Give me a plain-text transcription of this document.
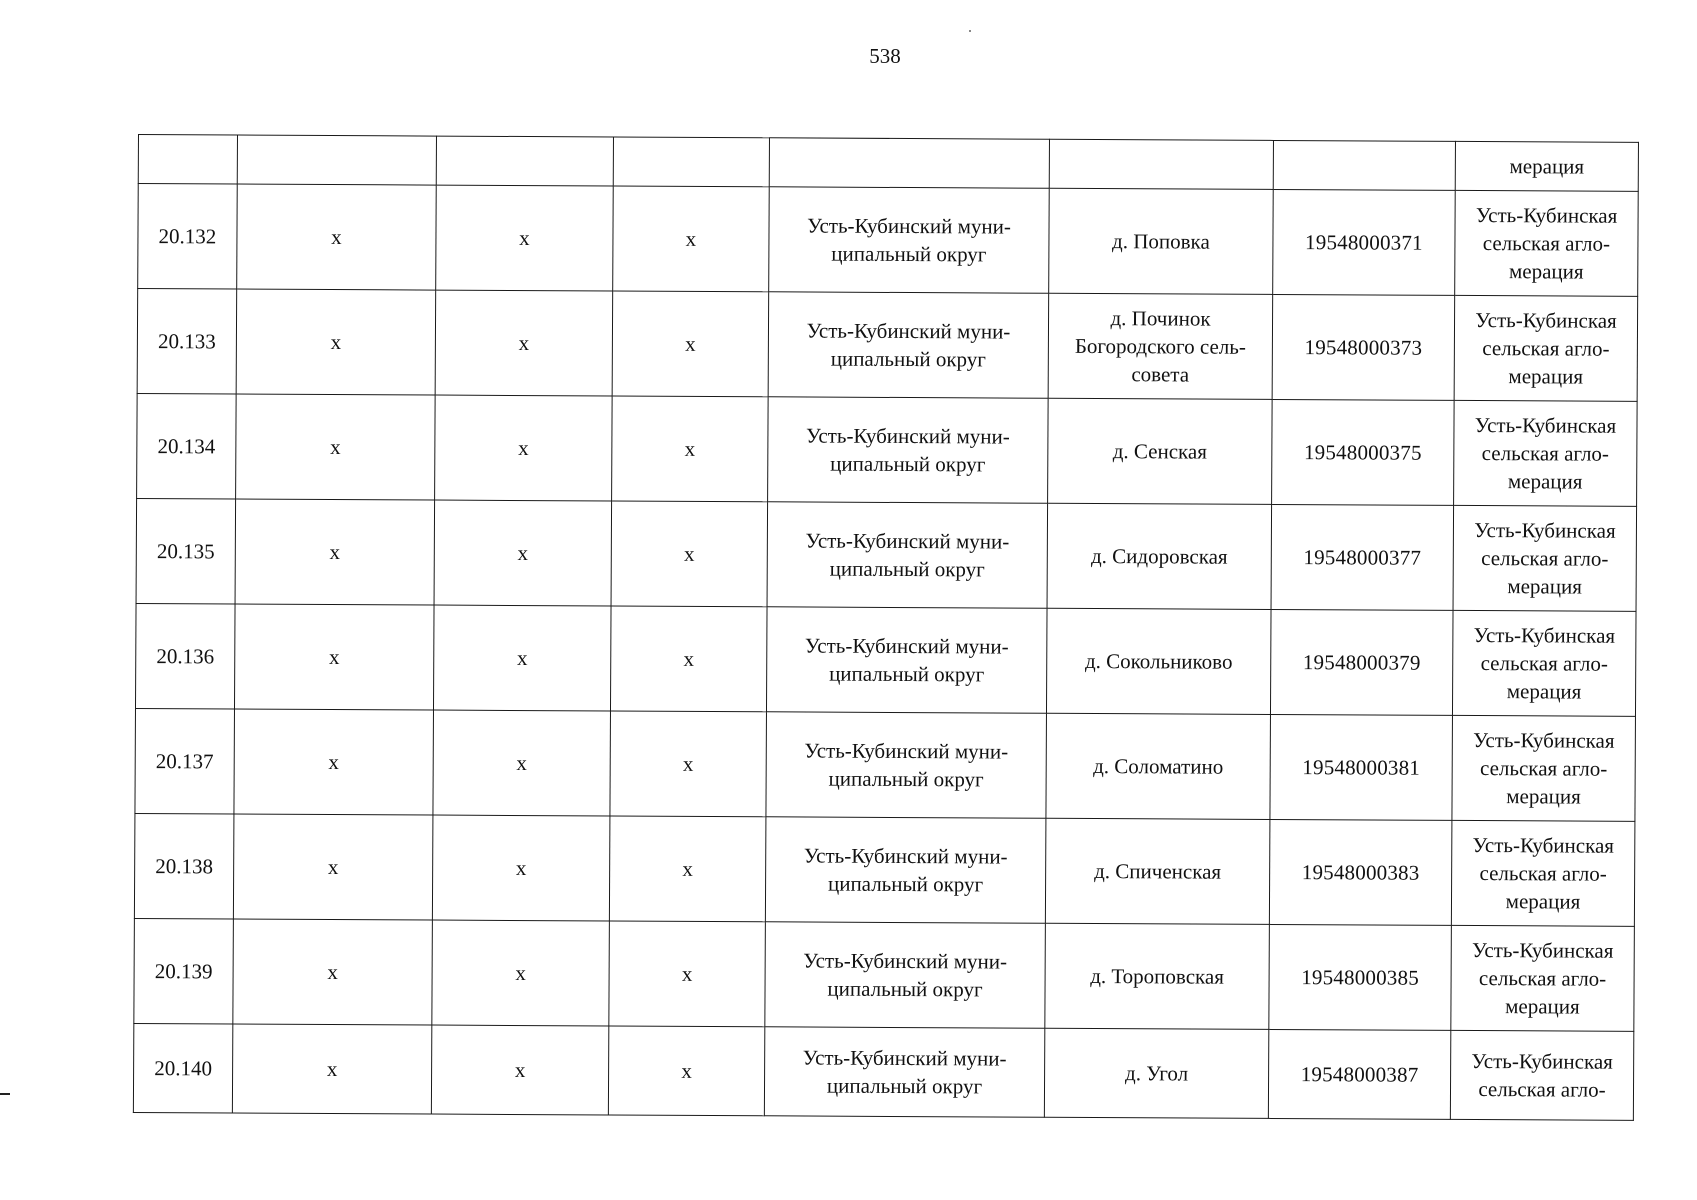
538
							мерация
20.132	x	x	x	Усть-Кубинский муни-
ципальный округ	д. Поповка	19548000371	Усть-Кубинская
сельская агло-
мерация
20.133	x	x	x	Усть-Кубинский муни-
ципальный округ	д. Починок
Богородского сель-
совета	19548000373	Усть-Кубинская
сельская агло-
мерация
20.134	x	x	x	Усть-Кубинский муни-
ципальный округ	д. Сенская	19548000375	Усть-Кубинская
сельская агло-
мерация
20.135	x	x	x	Усть-Кубинский муни-
ципальный округ	д. Сидоровская	19548000377	Усть-Кубинская
сельская агло-
мерация
20.136	x	x	x	Усть-Кубинский муни-
ципальный округ	д. Сокольниково	19548000379	Усть-Кубинская
сельская агло-
мерация
20.137	x	x	x	Усть-Кубинский муни-
ципальный округ	д. Соломатино	19548000381	Усть-Кубинская
сельская агло-
мерация
20.138	x	x	x	Усть-Кубинский муни-
ципальный округ	д. Спиченская	19548000383	Усть-Кубинская
сельская агло-
мерация
20.139	x	x	x	Усть-Кубинский муни-
ципальный округ	д. Тороповская	19548000385	Усть-Кубинская
сельская агло-
мерация
20.140	x	x	x	Усть-Кубинский муни-
ципальный округ	д. Угол	19548000387	Усть-Кубинская
сельская агло-
